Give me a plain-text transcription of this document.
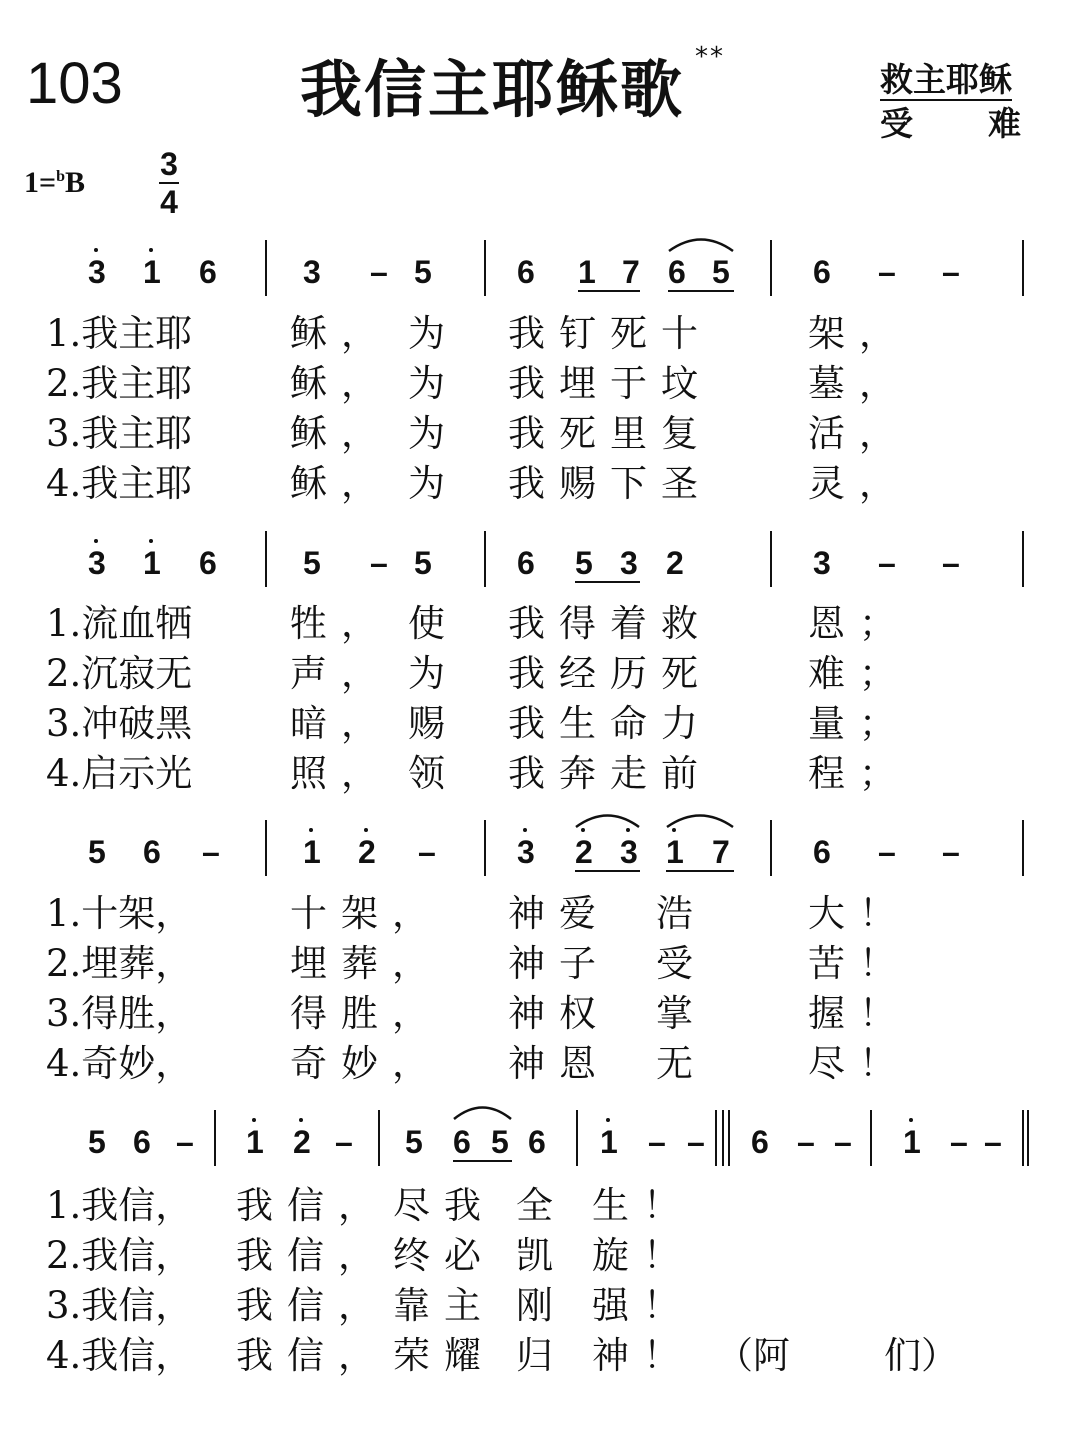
103	我信主耶稣歌 **
救主耶稣
受 难
1=$^b$B
3
4
3 1 6	3 – 5	6 1 7 6 5	6 – –
3 1 6	5 – 5	6 5 3 2	3 – –
5 6 –	1 2 –	3 2 3 1 7	6 – –
5 6 – 1 2 – 5 6 5 6 1 – – 6 – – 1 – –
1.我主耶	稣， 为 我钉死十	架，
2.我主耶	稣， 为 我埋于坟	墓，
3.我主耶	稣， 为 我死里复	活，
4.我主耶	稣， 为 我赐下圣	灵，
1.流血牺	牲， 使 我得着救	恩；
2.沉寂无	声， 为 我经历死	难；
3.冲破黑	暗， 赐 我生命力	量；
4.启示光	照， 领 我奔走前	程；
1.十架，	十架， 神爱 浩	大！
2.埋葬，	埋葬， 神子 受	苦！
3.得胜，	得胜， 神权 掌	握！
4.奇妙，	奇妙， 神恩 无	尽！
1.我信， 我信， 尽我 全 生！
2.我信， 我信， 终必 凯 旋！
3.我信， 我信， 靠主 刚 强！
4.我信， 我信， 荣耀 归 神！ （阿	们）
